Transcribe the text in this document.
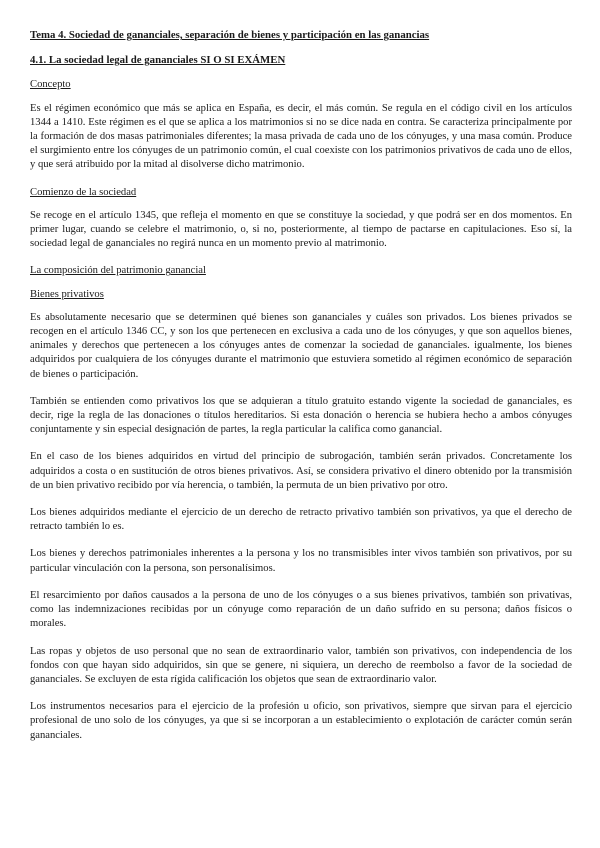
Tema 4. Sociedad de gananciales, separación de bienes y participación en las ganancias
4.1. La sociedad legal de gananciales SI O SI EXÁMEN
Concepto

Es el régimen económico que más se aplica en España, es decir, el más común. Se regula en el código civil en los artículos 1344 a 1410. Este régimen es el que se aplica a los matrimonios si no se dice nada en contra. Se caracteriza principalmente por la formación de dos masas patrimoniales diferentes; la masa privada de cada uno de los cónyuges, y una masa común. Produce el surgimiento entre los cónyuges de un patrimonio común, el cual coexiste con los patrimonios privativos de cada uno de ellos, y que será atribuido por la mitad al disolverse dicho matrimonio.

Comienzo de la sociedad

Se recoge en el artículo 1345, que refleja el momento en que se constituye la sociedad, y que podrá ser en dos momentos. En primer lugar, cuando se celebre el matrimonio, o, si no, posteriormente, al tiempo de pactarse en capitulaciones. Eso sí, la sociedad legal de gananciales no regirá nunca en un momento previo al matrimonio.

La composición del patrimonio ganancial
Bienes privativos

Es absolutamente necesario que se determinen qué bienes son gananciales y cuáles son privados. Los bienes privados se recogen en el artículo 1346 CC, y son los que pertenecen en exclusiva a cada uno de los cónyuges, y que son aquellos bienes, animales y derechos que pertenecen a los cónyuges antes de comenzar la sociedad de gananciales. igualmente, los bienes adquiridos por cualquiera de los cónyuges durante el matrimonio que estuviera sometido al régimen económico de separación de bienes o participación.

También se entienden como privativos los que se adquieran a título gratuito estando vigente la sociedad de gananciales, es decir, rige la regla de las donaciones o títulos hereditarios. Si esta donación o herencia se hubiera hecho a ambos cónyuges conjuntamente y sin especial designación de partes, la regla particular la califica como ganancial.

En el caso de los bienes adquiridos en virtud del principio de subrogación, también serán privados. Concretamente los adquiridos a costa o en sustitución de otros bienes privativos. Así, se considera privativo el dinero obtenido por la transmisión de un bien privativo recibido por vía herencia, o también, la permuta de un bien privativo por otro.

Los bienes adquiridos mediante el ejercicio de un derecho de retracto privativo también son privativos, ya que el derecho de retracto también lo es.

Los bienes y derechos patrimoniales inherentes a la persona y los no transmisibles inter vivos también son privativos, por su particular vinculación con la persona, son personalísimos.

El resarcimiento por daños causados a la persona de uno de los cónyuges o a sus bienes privativos, también son privativas, como las indemnizaciones recibidas por un cónyuge como reparación de un daño sufrido en su persona; daños físicos o morales.

Las ropas y objetos de uso personal que no sean de extraordinario valor, también son privativos, con independencia de los fondos con que hayan sido adquiridos, sin que se genere, ni siquiera, un derecho de reembolso a favor de la sociedad de gananciales. Se excluyen de esta rígida calificación los objetos que sean de extraordinario valor.

Los instrumentos necesarios para el ejercicio de la profesión u oficio, son privativos, siempre que sirvan para el ejercicio profesional de uno solo de los cónyuges, ya que si se incorporan a un establecimiento o explotación de carácter común serán gananciales.
